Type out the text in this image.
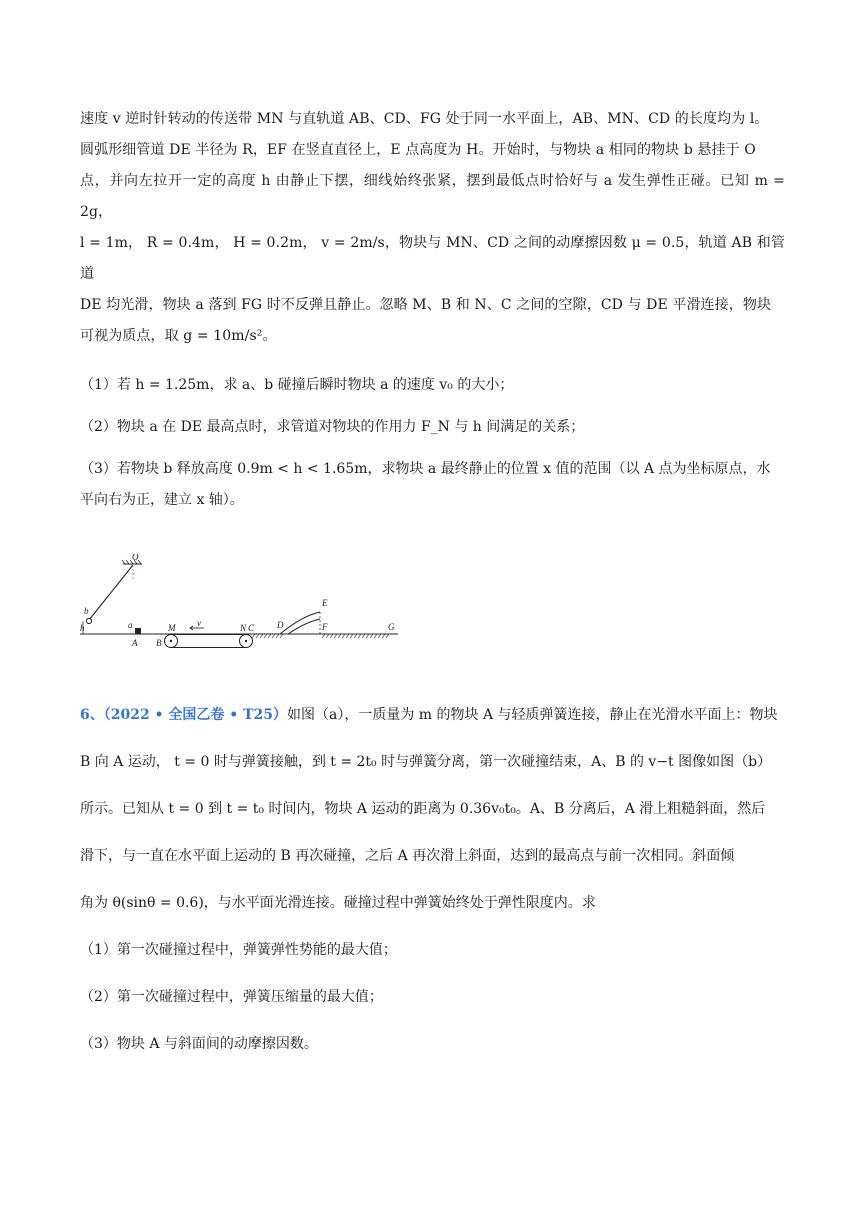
速度 v 逆时针转动的传送带 MN 与直轨道 AB、CD、FG 处于同一水平面上，AB、MN、CD 的长度均为 l。

圆弧形细管道 DE 半径为 R，EF 在竖直直径上，E 点高度为 H。开始时，与物块 a 相同的物块 b 悬挂于 O

点，并向左拉开一定的高度 h 由静止下摆，细线始终张紧，摆到最低点时恰好与 a 发生弹性正碰。已知 m = 2g，

l = 1m， R = 0.4m， H = 0.2m， v = 2m/s，物块与 MN、CD 之间的动摩擦因数 μ = 0.5，轨道 AB 和管道

DE 均光滑，物块 a 落到 FG 时不反弹且静止。忽略 M、B 和 N、C 之间的空隙，CD 与 DE 平滑连接，物块

可视为质点，取 g = 10m/s²。

（1）若 h = 1.25m，求 a、b 碰撞后瞬时物块 a 的速度 v₀ 的大小；

（2）物块 a 在 DE 最高点时，求管道对物块的作用力 F_N 与 h 间满足的关系；

（3）若物块 b 释放高度 0.9m < h < 1.65m，求物块 a 最终静止的位置 x 值的范围（以 A 点为坐标原点，水

平向右为正，建立 x 轴）。

O
b
h	a
A B
M	N C
v	D
E
F	G

6、（2022 • 全国乙卷 • T25）如图（a），一质量为 m 的物块 A 与轻质弹簧连接，静止在光滑水平面上：物块

B 向 A 运动， t = 0 时与弹簧接触，到 t = 2t₀ 时与弹簧分离，第一次碰撞结束，A、B 的 v−t 图像如图（b）

所示。已知从 t = 0 到 t = t₀ 时间内，物块 A 运动的距离为 0.36v₀t₀。A、B 分离后，A 滑上粗糙斜面，然后

滑下，与一直在水平面上运动的 B 再次碰撞，之后 A 再次滑上斜面，达到的最高点与前一次相同。斜面倾

角为 θ(sinθ = 0.6)，与水平面光滑连接。碰撞过程中弹簧始终处于弹性限度内。求

（1）第一次碰撞过程中，弹簧弹性势能的最大值；

（2）第一次碰撞过程中，弹簧压缩量的最大值；

（3）物块 A 与斜面间的动摩擦因数。
